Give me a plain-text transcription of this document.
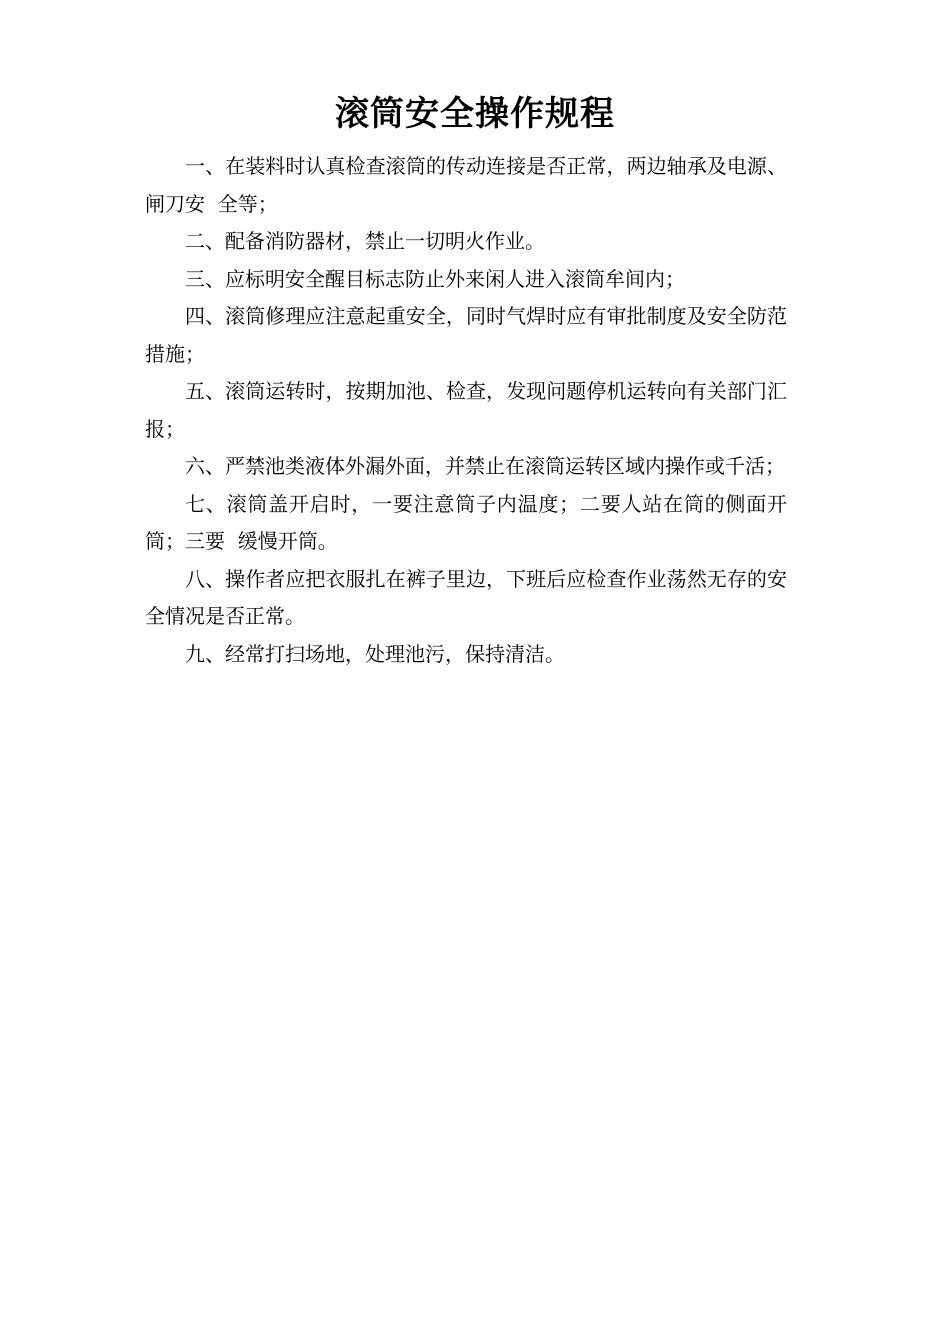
滚筒安全操作规程

一、在装料时认真检查滚筒的传动连接是否正常，两边轴承及电源、闸刀安  全等；

二、配备消防器材，禁止一切明火作业。

三、应标明安全醒目标志防止外来闲人进入滚筒牟间内；

四、滚筒修理应注意起重安全，同时气焊时应有审批制度及安全防范措施；

五、滚筒运转时，按期加池、检查，发现问题停机运转向有关部门汇报；

六、严禁池类液体外漏外面，并禁止在滚筒运转区域内操作或千活；

七、滚筒盖开启时，一要注意筒子内温度；二要人站在筒的侧面开筒；三要  缓慢开筒。

八、操作者应把衣服扎在裤子里边，下班后应检查作业荡然无存的安全情况是否正常。

九、经常打扫场地，处理池污，保持清洁。
